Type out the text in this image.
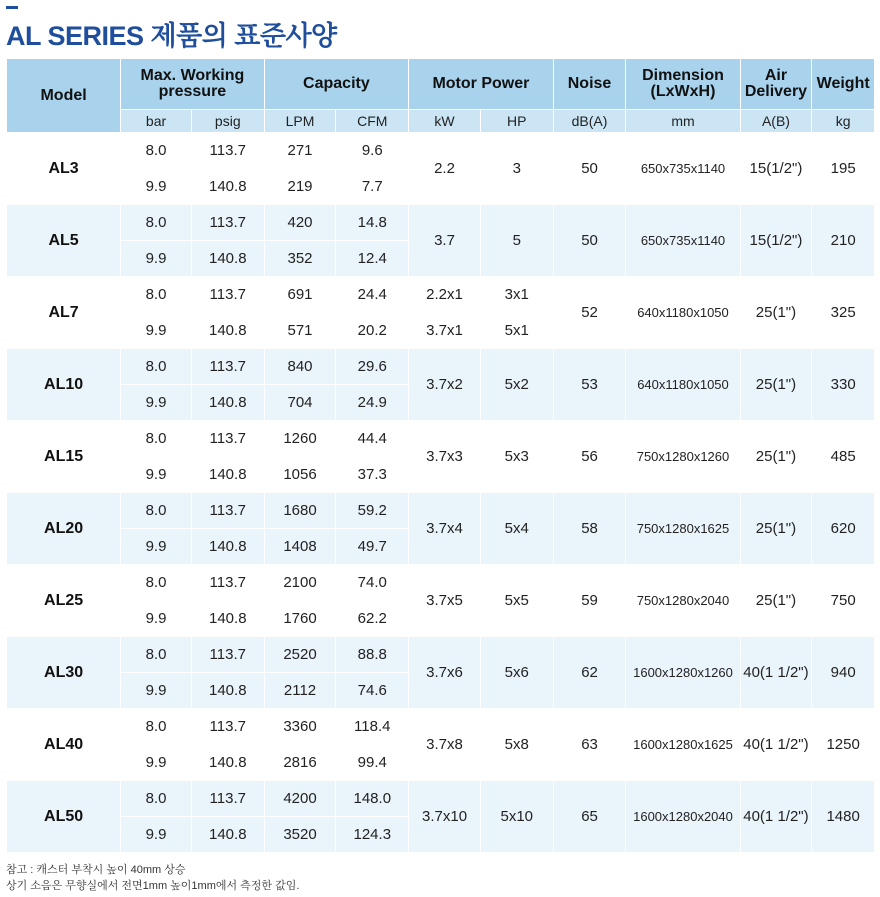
AL SERIES 제품의 표준사양
Model	Max. Working pressure		Capacity		Motor Power		Noise	Dimension (LxWxH)	Air Delivery	Weight
	bar	psig	LPM	CFM	kW	HP	dB(A)	mm	A(B)	kg
AL3	8.0	113.7	271	9.6	2.2	3	50	650x735x1140	15(1/2")	195
	9.9	140.8	219	7.7						
AL5	8.0	113.7	420	14.8	3.7	5	50	650x735x1140	15(1/2")	210
	9.9	140.8	352	12.4						
AL7	8.0	113.7	691	24.4	2.2x1	3x1	52	640x1180x1050	25(1")	325
	9.9	140.8	571	20.2	3.7x1	5x1				
AL10	8.0	113.7	840	29.6	3.7x2	5x2	53	640x1180x1050	25(1")	330
	9.9	140.8	704	24.9						
AL15	8.0	113.7	1260	44.4	3.7x3	5x3	56	750x1280x1260	25(1")	485
	9.9	140.8	1056	37.3						
AL20	8.0	113.7	1680	59.2	3.7x4	5x4	58	750x1280x1625	25(1")	620
	9.9	140.8	1408	49.7						
AL25	8.0	113.7	2100	74.0	3.7x5	5x5	59	750x1280x2040	25(1")	750
	9.9	140.8	1760	62.2						
AL30	8.0	113.7	2520	88.8	3.7x6	5x6	62	1600x1280x1260	40(1 1/2")	940
	9.9	140.8	2112	74.6						
AL40	8.0	113.7	3360	118.4	3.7x8	5x8	63	1600x1280x1625	40(1 1/2")	1250
	9.9	140.8	2816	99.4						
AL50	8.0	113.7	4200	148.0	3.7x10	5x10	65	1600x1280x2040	40(1 1/2")	1480
	9.9	140.8	3520	124.3						
참고 : 캐스터 부착시 높이 40mm 상승
상기 소음은 무향실에서 전면1mm 높이1mm에서 측정한 값임.
